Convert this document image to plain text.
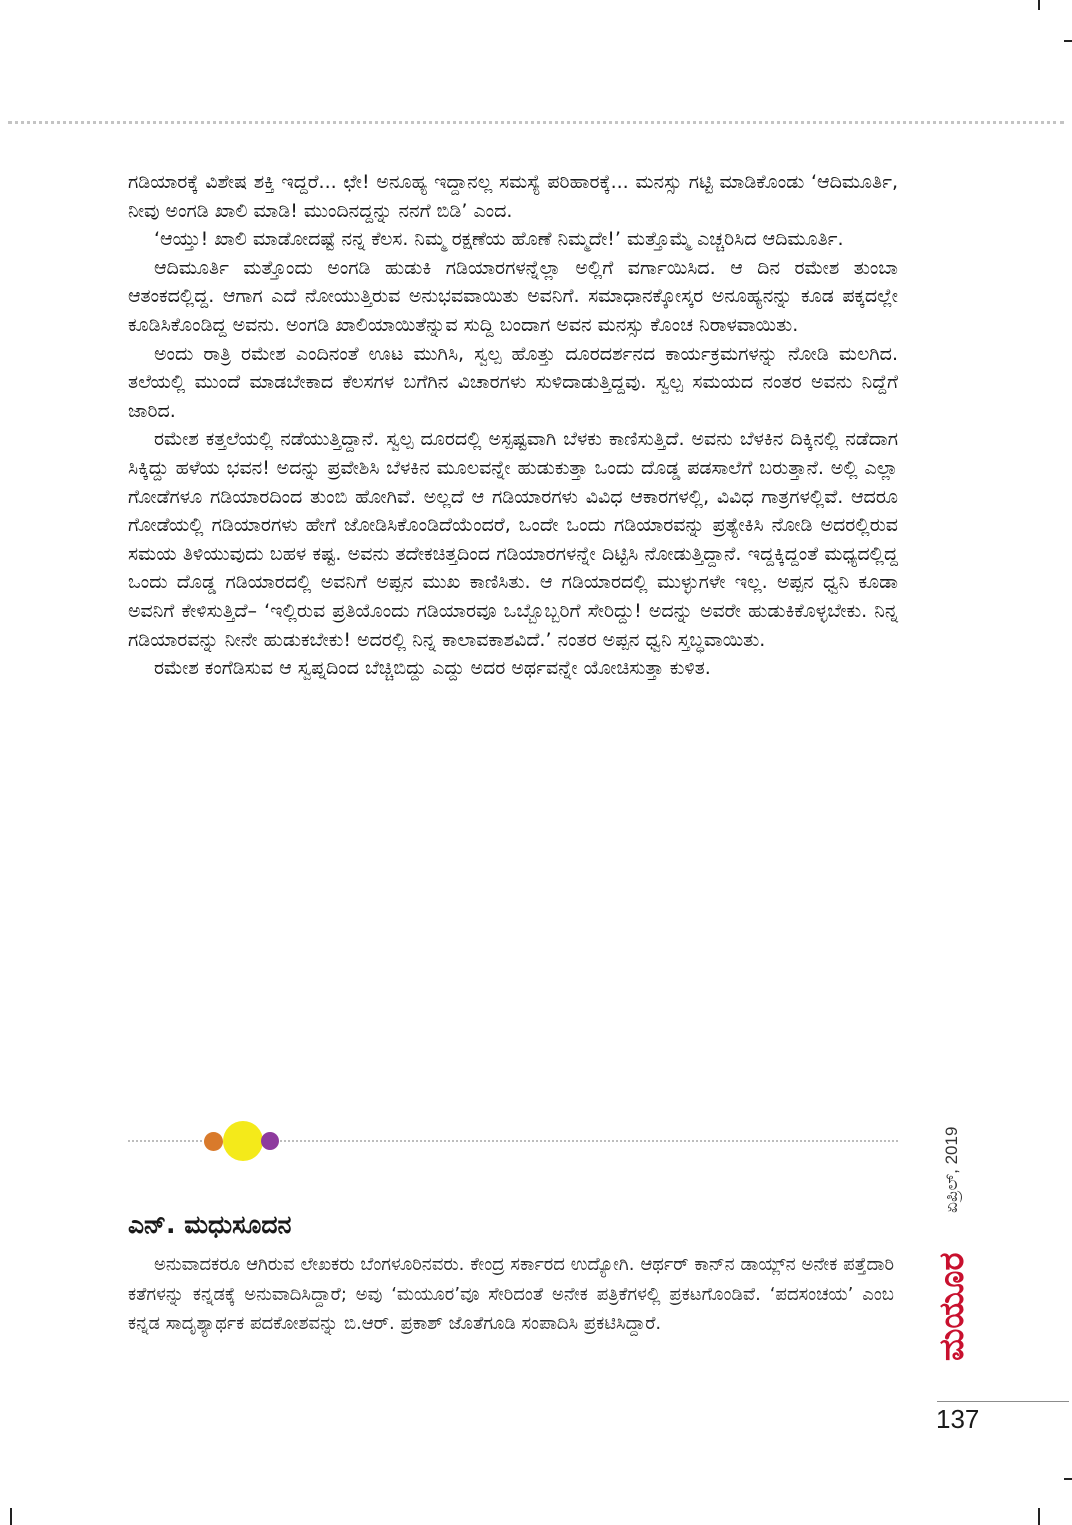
ಗಡಿಯಾರಕ್ಕೆ ವಿಶೇಷ ಶಕ್ತಿ ಇದ್ದರೆ... ಛೇ! ಅನೂಹ್ಯ ಇದ್ದಾನಲ್ಲ ಸಮಸ್ಯೆ ಪರಿಹಾರಕ್ಕೆ... ಮನಸ್ಸು ಗಟ್ಟಿ ಮಾಡಿಕೊಂಡು ‘ಆದಿಮೂರ್ತಿ, ನೀವು ಅಂಗಡಿ ಖಾಲಿ ಮಾಡಿ! ಮುಂದಿನದ್ದನ್ನು ನನಗೆ ಬಿಡಿ’ ಎಂದ.

‘ಆಯ್ತು! ಖಾಲಿ ಮಾಡೋದಷ್ಟೆ ನನ್ನ ಕೆಲಸ. ನಿಮ್ಮ ರಕ್ಷಣೆಯ ಹೊಣೆ ನಿಮ್ಮದೇ!’ ಮತ್ತೊಮ್ಮೆ ಎಚ್ಚರಿಸಿದ ಆದಿಮೂರ್ತಿ.

ಆದಿಮೂರ್ತಿ ಮತ್ತೊಂದು ಅಂಗಡಿ ಹುಡುಕಿ ಗಡಿಯಾರಗಳನ್ನೆಲ್ಲಾ ಅಲ್ಲಿಗೆ ವರ್ಗಾಯಿಸಿದ. ಆ ದಿನ ರಮೇಶ ತುಂಬಾ ಆತಂಕದಲ್ಲಿದ್ದ. ಆಗಾಗ ಎದೆ ನೋಯುತ್ತಿರುವ ಅನುಭವವಾಯಿತು ಅವನಿಗೆ. ಸಮಾಧಾನಕ್ಕೋಸ್ಕರ ಅನೂಹ್ಯನನ್ನು ಕೂಡ ಪಕ್ಕದಲ್ಲೇ ಕೂಡಿಸಿಕೊಂಡಿದ್ದ ಅವನು. ಅಂಗಡಿ ಖಾಲಿಯಾಯಿತೆನ್ನುವ ಸುದ್ದಿ ಬಂದಾಗ ಅವನ ಮನಸ್ಸು ಕೊಂಚ ನಿರಾಳವಾಯಿತು.

ಅಂದು ರಾತ್ರಿ ರಮೇಶ ಎಂದಿನಂತೆ ಊಟ ಮುಗಿಸಿ, ಸ್ವಲ್ಪ ಹೊತ್ತು ದೂರದರ್ಶನದ ಕಾರ್ಯಕ್ರಮಗಳನ್ನು ನೋಡಿ ಮಲಗಿದ. ತಲೆಯಲ್ಲಿ ಮುಂದೆ ಮಾಡಬೇಕಾದ ಕೆಲಸಗಳ ಬಗೆಗಿನ ವಿಚಾರಗಳು ಸುಳಿದಾಡುತ್ತಿದ್ದವು. ಸ್ವಲ್ಪ ಸಮಯದ ನಂತರ ಅವನು ನಿದ್ದೆಗೆ ಜಾರಿದ.

ರಮೇಶ ಕತ್ತಲೆಯಲ್ಲಿ ನಡೆಯುತ್ತಿದ್ದಾನೆ. ಸ್ವಲ್ಪ ದೂರದಲ್ಲಿ ಅಸ್ಪಷ್ಟವಾಗಿ ಬೆಳಕು ಕಾಣಿಸುತ್ತಿದೆ. ಅವನು ಬೆಳಕಿನ ದಿಕ್ಕಿನಲ್ಲಿ ನಡೆದಾಗ ಸಿಕ್ಕಿದ್ದು ಹಳೆಯ ಭವನ! ಅದನ್ನು ಪ್ರವೇಶಿಸಿ ಬೆಳಕಿನ ಮೂಲವನ್ನೇ ಹುಡುಕುತ್ತಾ ಒಂದು ದೊಡ್ಡ ಪಡಸಾಲೆಗೆ ಬರುತ್ತಾನೆ. ಅಲ್ಲಿ ಎಲ್ಲಾ ಗೋಡೆಗಳೂ ಗಡಿಯಾರದಿಂದ ತುಂಬಿ ಹೋಗಿವೆ. ಅಲ್ಲದೆ ಆ ಗಡಿಯಾರಗಳು ವಿವಿಧ ಆಕಾರಗಳಲ್ಲಿ, ವಿವಿಧ ಗಾತ್ರಗಳಲ್ಲಿವೆ. ಆದರೂ ಗೋಡೆಯಲ್ಲಿ ಗಡಿಯಾರಗಳು ಹೇಗೆ ಜೋಡಿಸಿಕೊಂಡಿದೆಯೆಂದರೆ, ಒಂದೇ ಒಂದು ಗಡಿಯಾರವನ್ನು ಪ್ರತ್ಯೇಕಿಸಿ ನೋಡಿ ಅದರಲ್ಲಿರುವ ಸಮಯ ತಿಳಿಯುವುದು ಬಹಳ ಕಷ್ಟ. ಅವನು ತದೇಕಚಿತ್ತದಿಂದ ಗಡಿಯಾರಗಳನ್ನೇ ದಿಟ್ಟಿಸಿ ನೋಡುತ್ತಿದ್ದಾನೆ. ಇದ್ದಕ್ಕಿದ್ದಂತೆ ಮಧ್ಯದಲ್ಲಿದ್ದ ಒಂದು ದೊಡ್ಡ ಗಡಿಯಾರದಲ್ಲಿ ಅವನಿಗೆ ಅಪ್ಪನ ಮುಖ ಕಾಣಿಸಿತು. ಆ ಗಡಿಯಾರದಲ್ಲಿ ಮುಳ್ಳುಗಳೇ ಇಲ್ಲ. ಅಪ್ಪನ ಧ್ವನಿ ಕೂಡಾ ಅವನಿಗೆ ಕೇಳಿಸುತ್ತಿದೆ– ‘ಇಲ್ಲಿರುವ ಪ್ರತಿಯೊಂದು ಗಡಿಯಾರವೂ ಒಬ್ಬೊಬ್ಬರಿಗೆ ಸೇರಿದ್ದು! ಅದನ್ನು ಅವರೇ ಹುಡುಕಿಕೊಳ್ಳಬೇಕು. ನಿನ್ನ ಗಡಿಯಾರವನ್ನು ನೀನೇ ಹುಡುಕಬೇಕು! ಅದರಲ್ಲಿ ನಿನ್ನ ಕಾಲಾವಕಾಶವಿದೆ.’ ನಂತರ ಅಪ್ಪನ ಧ್ವನಿ ಸ್ತಬ್ಧವಾಯಿತು.

ರಮೇಶ ಕಂಗೆಡಿಸುವ ಆ ಸ್ವಪ್ನದಿಂದ ಬೆಚ್ಚಿಬಿದ್ದು ಎದ್ದು ಅದರ ಅರ್ಥವನ್ನೇ ಯೋಚಿಸುತ್ತಾ ಕುಳಿತ.

ಎನ್. ಮಧುಸೂದನ
ಅನುವಾದಕರೂ ಆಗಿರುವ ಲೇಖಕರು ಬೆಂಗಳೂರಿನವರು. ಕೇಂದ್ರ ಸರ್ಕಾರದ ಉದ್ಯೋಗಿ. ಆರ್ಥರ್ ಕಾನ್‌ನ ಡಾಯ್ಲ್‌ನ ಅನೇಕ ಪತ್ತೆದಾರಿ ಕತೆಗಳನ್ನು ಕನ್ನಡಕ್ಕೆ ಅನುವಾದಿಸಿದ್ದಾರೆ; ಅವು ‘ಮಯೂರ’ವೂ ಸೇರಿದಂತೆ ಅನೇಕ ಪತ್ರಿಕೆಗಳಲ್ಲಿ ಪ್ರಕಟಗೊಂಡಿವೆ. ‘ಪದಸಂಚಯ’ ಎಂಬ ಕನ್ನಡ ಸಾದೃಶ್ಯಾರ್ಥಕ ಪದಕೋಶವನ್ನು ಬಿ.ಆರ್. ಪ್ರಕಾಶ್ ಜೊತೆಗೂಡಿ ಸಂಪಾದಿಸಿ ಪ್ರಕಟಿಸಿದ್ದಾರೆ.
ಏಪ್ರಿಲ್, 2019
ಮಯೂರ
137
